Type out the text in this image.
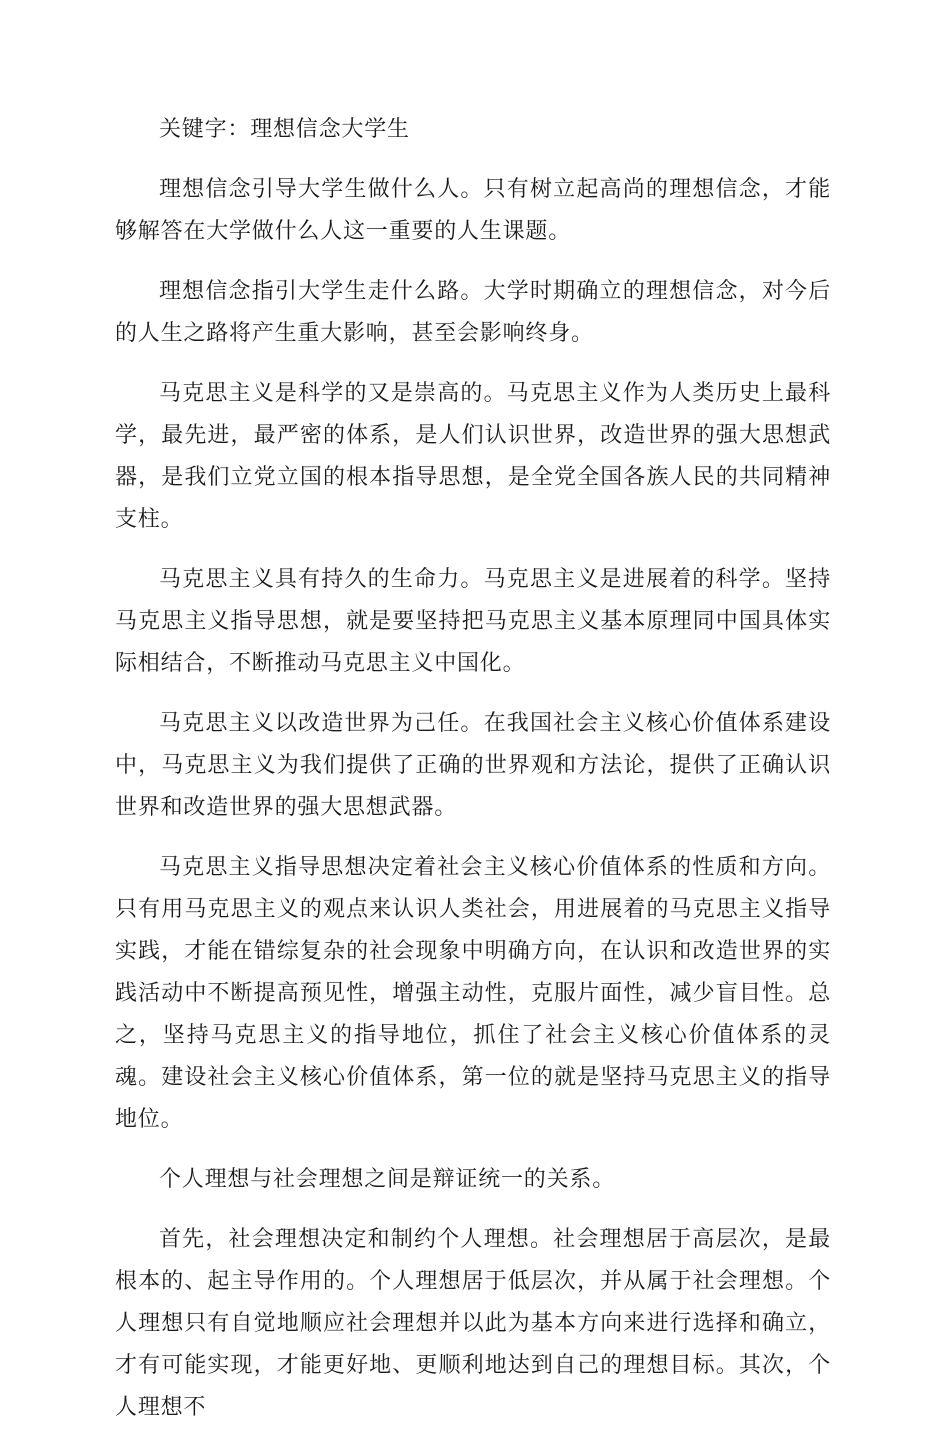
关键字：理想信念大学生

理想信念引导大学生做什么人。只有树立起高尚的理想信念，才能够解答在大学做什么人这一重要的人生课题。

理想信念指引大学生走什么路。大学时期确立的理想信念，对今后的人生之路将产生重大影响，甚至会影响终身。

马克思主义是科学的又是崇高的。马克思主义作为人类历史上最科学，最先进，最严密的体系，是人们认识世界，改造世界的强大思想武器，是我们立党立国的根本指导思想，是全党全国各族人民的共同精神支柱。

马克思主义具有持久的生命力。马克思主义是进展着的科学。坚持马克思主义指导思想，就是要坚持把马克思主义基本原理同中国具体实际相结合，不断推动马克思主义中国化。

马克思主义以改造世界为己任。在我国社会主义核心价值体系建设中，马克思主义为我们提供了正确的世界观和方法论，提供了正确认识世界和改造世界的强大思想武器。

马克思主义指导思想决定着社会主义核心价值体系的性质和方向。只有用马克思主义的观点来认识人类社会，用进展着的马克思主义指导实践，才能在错综复杂的社会现象中明确方向，在认识和改造世界的实践活动中不断提高预见性，增强主动性，克服片面性，减少盲目性。总之，坚持马克思主义的指导地位，抓住了社会主义核心价值体系的灵魂。建设社会主义核心价值体系，第一位的就是坚持马克思主义的指导地位。

个人理想与社会理想之间是辩证统一的关系。

首先，社会理想决定和制约个人理想。社会理想居于高层次，是最根本的、起主导作用的。个人理想居于低层次，并从属于社会理想。个人理想只有自觉地顺应社会理想并以此为基本方向来进行选择和确立，才有可能实现，才能更好地、更顺利地达到自己的理想目标。其次，个人理想不
